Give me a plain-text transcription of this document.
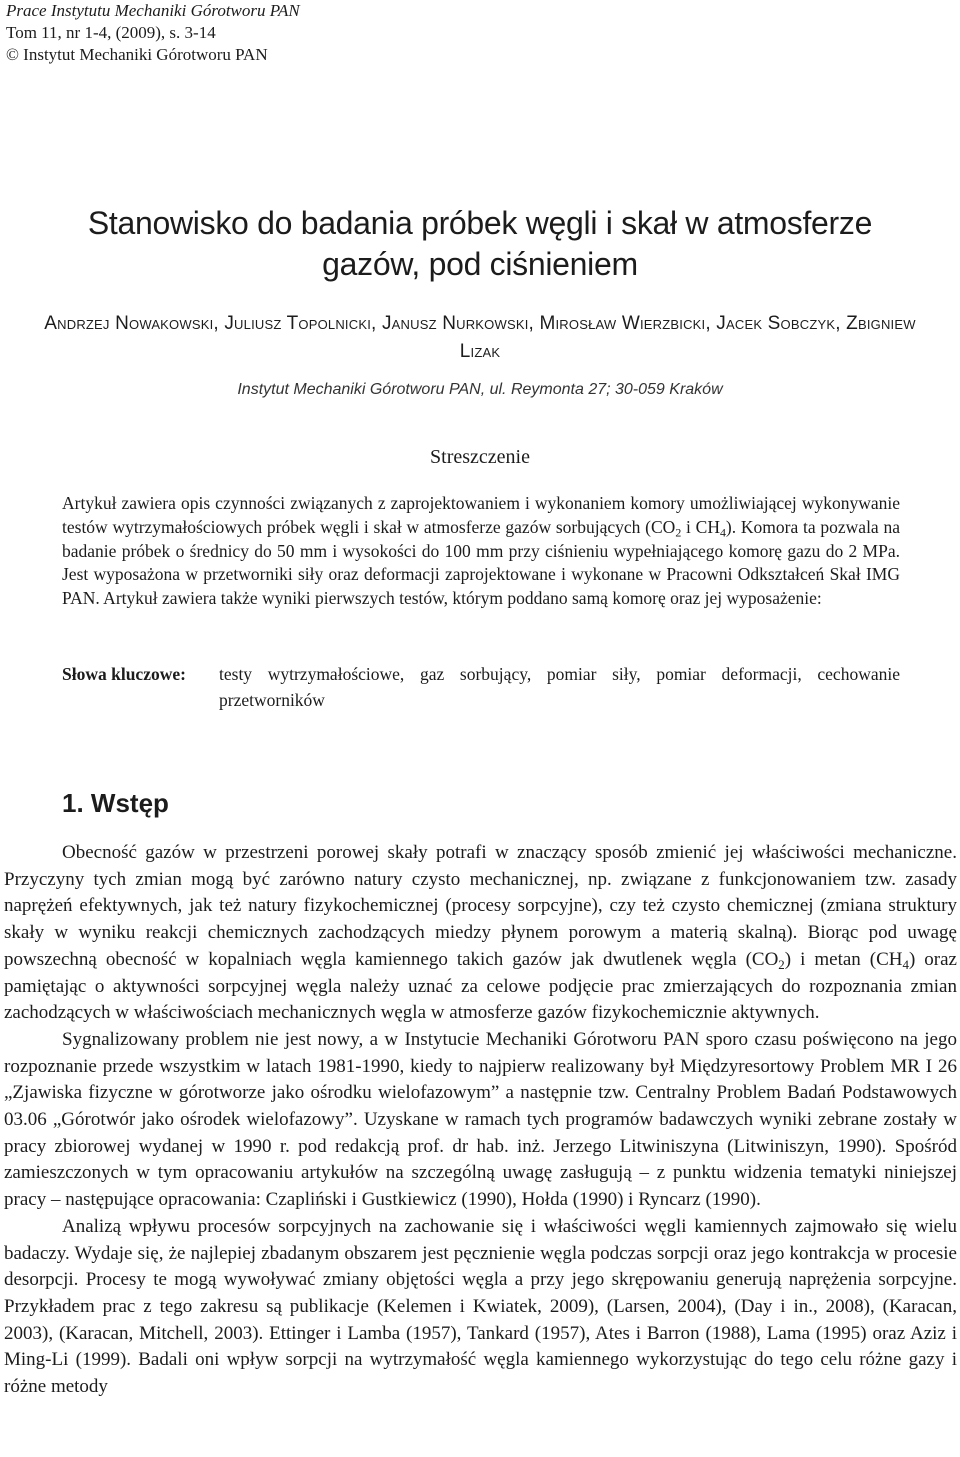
Prace Instytutu Mechaniki Górotworu PAN
Tom 11, nr 1-4, (2009), s. 3-14
© Instytut Mechaniki Górotworu PAN
Stanowisko do badania próbek węgli i skał w atmosferze gazów, pod ciśnieniem
Andrzej Nowakowski, Juliusz Topolnicki, Janusz Nurkowski, Mirosław Wierzbicki, Jacek Sobczyk, Zbigniew Lizak
Instytut Mechaniki Górotworu PAN, ul. Reymonta 27; 30-059 Kraków
Streszczenie
Artykuł zawiera opis czynności związanych z zaprojektowaniem i wykonaniem komory umożliwiającej wykonywanie testów wytrzymałościowych próbek węgli i skał w atmosferze gazów sorbujących ($CO_2$ i $CH_4$). Komora ta pozwala na badanie próbek o średnicy do 50 mm i wysokości do 100 mm przy ciśnieniu wypełniającego komorę gazu do 2 MPa. Jest wyposażona w przetworniki siły oraz deformacji zaprojektowane i wykonane w Pracowni Odkształceń Skał IMG PAN. Artykuł zawiera także wyniki pierwszych testów, którym poddano samą komorę oraz jej wyposażenie:
Słowa kluczowe:	testy wytrzymałościowe, gaz sorbujący, pomiar siły, pomiar deformacji, cechowanie przetworników
1. Wstęp

Obecność gazów w przestrzeni porowej skały potrafi w znaczący sposób zmienić jej właściwości mechaniczne. Przyczyny tych zmian mogą być zarówno natury czysto mechanicznej, np. związane z funkcjonowaniem tzw. zasady naprężeń efektywnych, jak też natury fizykochemicznej (procesy sorpcyjne), czy też czysto chemicznej (zmiana struktury skały w wyniku reakcji chemicznych zachodzących miedzy płynem porowym a materią skalną). Biorąc pod uwagę powszechną obecność w kopalniach węgla kamiennego takich gazów jak dwutlenek węgla $(CO_2)$ i metan $(CH_4)$ oraz pamiętając o aktywności sorpcyjnej węgla należy uznać za celowe podjęcie prac zmierzających do rozpoznania zmian zachodzących w właściwościach mechanicznych węgla w atmosferze gazów fizykochemicznie aktywnych.

Sygnalizowany problem nie jest nowy, a w Instytucie Mechaniki Górotworu PAN sporo czasu poświęcono na jego rozpoznanie przede wszystkim w latach 1981-1990, kiedy to najpierw realizowany był Międzyresortowy Problem MR I 26 „Zjawiska fizyczne w górotworze jako ośrodku wielofazowym” a następnie tzw. Centralny Problem Badań Podstawowych 03.06 „Górotwór jako ośrodek wielofazowy”. Uzyskane w ramach tych programów badawczych wyniki zebrane zostały w pracy zbiorowej wydanej w 1990 r. pod redakcją prof. dr hab. inż. Jerzego Litwiniszyna (Litwiniszyn, 1990). Spośród zamieszczonych w tym opracowaniu artykułów na szczególną uwagę zasługują – z punktu widzenia tematyki niniejszej pracy – następujące opracowania: Czapliński i Gustkiewicz (1990), Hołda (1990) i Ryncarz (1990).

Analizą wpływu procesów sorpcyjnych na zachowanie się i właściwości węgli kamiennych zajmowało się wielu badaczy. Wydaje się, że najlepiej zbadanym obszarem jest pęcznienie węgla podczas sorpcji oraz jego kontrakcja w procesie desorpcji. Procesy te mogą wywoływać zmiany objętości węgla a przy jego skrępowaniu generują naprężenia sorpcyjne. Przykładem prac z tego zakresu są publikacje (Kelemen i Kwiatek, 2009), (Larsen, 2004), (Day i in., 2008), (Karacan, 2003), (Karacan, Mitchell, 2003). Ettinger i Lamba (1957), Tankard (1957), Ates i Barron (1988), Lama (1995) oraz Aziz i Ming-Li (1999). Badali oni wpływ sorpcji na wytrzymałość węgla kamiennego wykorzystując do tego celu różne gazy i różne metody
